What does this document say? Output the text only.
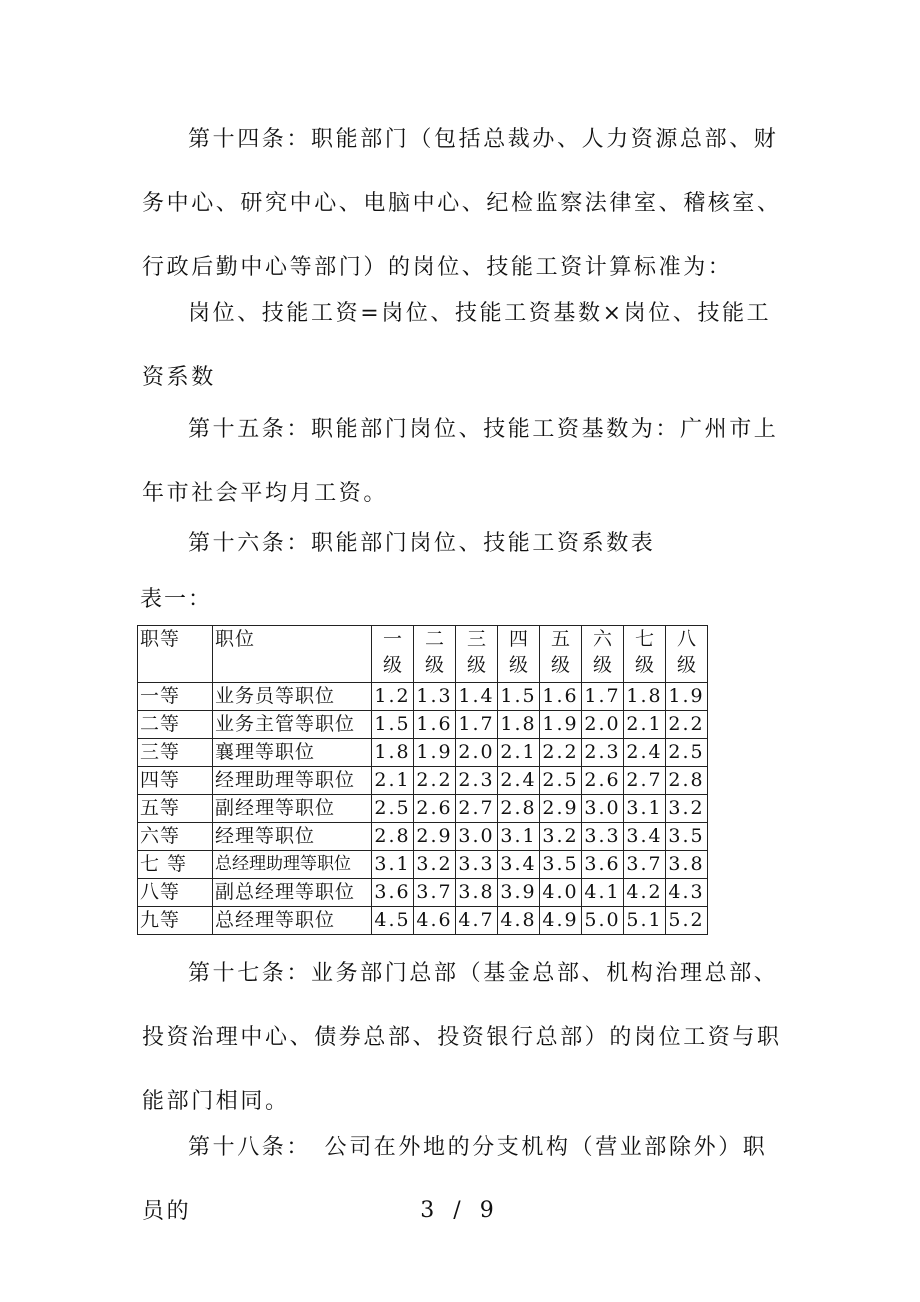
第十四条：职能部门（包括总裁办、人力资源总部、财务中心、研究中心、电脑中心、纪检监察法律室、稽核室、行政后勤中心等部门）的岗位、技能工资计算标准为：

岗位、技能工资=岗位、技能工资基数×岗位、技能工资系数

第十五条：职能部门岗位、技能工资基数为：广州市上年市社会平均月工资。

第十六条：职能部门岗位、技能工资系数表

表一：
职等	职位	一级	二级	三级	四级	五级	六级	七级	八级
一等	业务员等职位	1.2	1.3	1.4	1.5	1.6	1.7	1.8	1.9
二等	业务主管等职位	1.5	1.6	1.7	1.8	1.9	2.0	2.1	2.2
三等	襄理等职位	1.8	1.9	2.0	2.1	2.2	2.3	2.4	2.5
四等	经理助理等职位	2.1	2.2	2.3	2.4	2.5	2.6	2.7	2.8
五等	副经理等职位	2.5	2.6	2.7	2.8	2.9	3.0	3.1	3.2
六等	经理等职位	2.8	2.9	3.0	3.1	3.2	3.3	3.4	3.5
七 等	总经理助理等职位	3.1	3.2	3.3	3.4	3.5	3.6	3.7	3.8
八等	副总经理等职位	3.6	3.7	3.8	3.9	4.0	4.1	4.2	4.3
九等	总经理等职位	4.5	4.6	4.7	4.8	4.9	5.0	5.1	5.2

第十七条：业务部门总部（基金总部、机构治理总部、投资治理中心、债券总部、投资银行总部）的岗位工资与职能部门相同。

第十八条：　公司在外地的分支机构（营业部除外）职员的	3 / 9
